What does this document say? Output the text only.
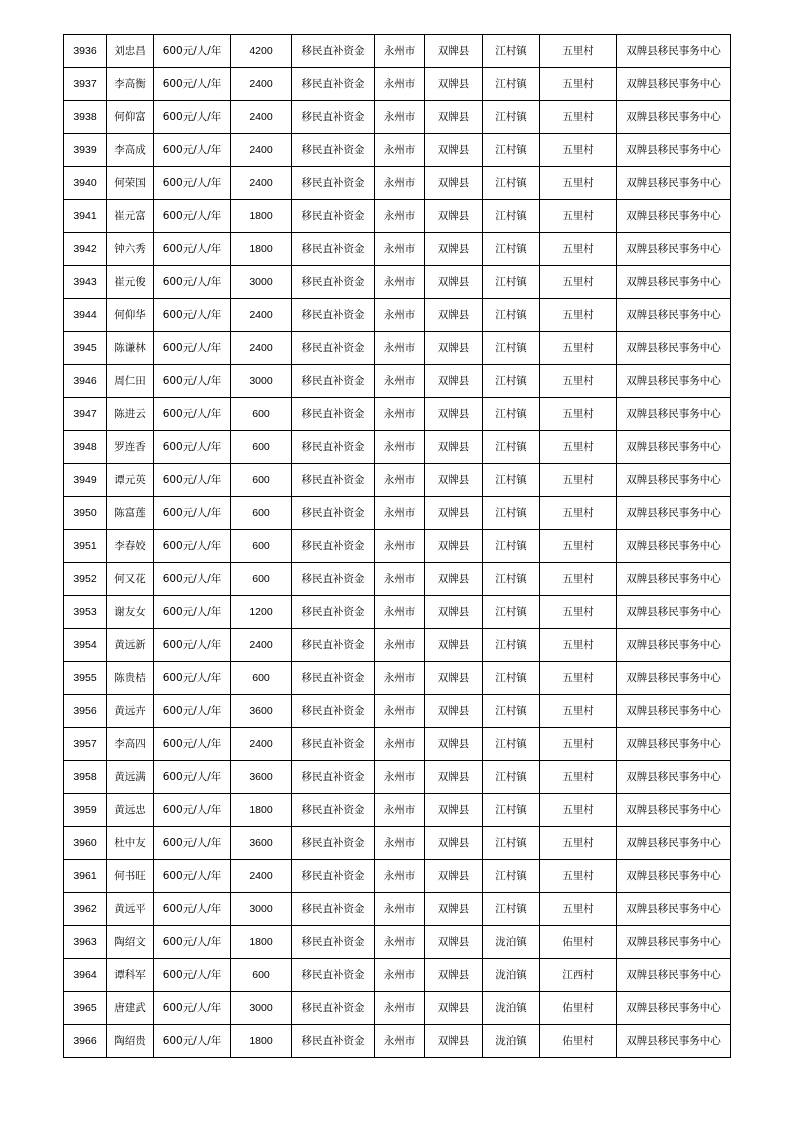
3936	刘忠昌	600元/人/年	4200	移民直补资金	永州市	双牌县	江村镇	五里村	双牌县移民事务中心
3937	李高衡	600元/人/年	2400	移民直补资金	永州市	双牌县	江村镇	五里村	双牌县移民事务中心
3938	何仰富	600元/人/年	2400	移民直补资金	永州市	双牌县	江村镇	五里村	双牌县移民事务中心
3939	李高成	600元/人/年	2400	移民直补资金	永州市	双牌县	江村镇	五里村	双牌县移民事务中心
3940	何荣国	600元/人/年	2400	移民直补资金	永州市	双牌县	江村镇	五里村	双牌县移民事务中心
3941	崔元富	600元/人/年	1800	移民直补资金	永州市	双牌县	江村镇	五里村	双牌县移民事务中心
3942	钟六秀	600元/人/年	1800	移民直补资金	永州市	双牌县	江村镇	五里村	双牌县移民事务中心
3943	崔元俊	600元/人/年	3000	移民直补资金	永州市	双牌县	江村镇	五里村	双牌县移民事务中心
3944	何仰华	600元/人/年	2400	移民直补资金	永州市	双牌县	江村镇	五里村	双牌县移民事务中心
3945	陈谦林	600元/人/年	2400	移民直补资金	永州市	双牌县	江村镇	五里村	双牌县移民事务中心
3946	周仁田	600元/人/年	3000	移民直补资金	永州市	双牌县	江村镇	五里村	双牌县移民事务中心
3947	陈进云	600元/人/年	600	移民直补资金	永州市	双牌县	江村镇	五里村	双牌县移民事务中心
3948	罗连香	600元/人/年	600	移民直补资金	永州市	双牌县	江村镇	五里村	双牌县移民事务中心
3949	谭元英	600元/人/年	600	移民直补资金	永州市	双牌县	江村镇	五里村	双牌县移民事务中心
3950	陈富莲	600元/人/年	600	移民直补资金	永州市	双牌县	江村镇	五里村	双牌县移民事务中心
3951	李春姣	600元/人/年	600	移民直补资金	永州市	双牌县	江村镇	五里村	双牌县移民事务中心
3952	何又花	600元/人/年	600	移民直补资金	永州市	双牌县	江村镇	五里村	双牌县移民事务中心
3953	谢友女	600元/人/年	1200	移民直补资金	永州市	双牌县	江村镇	五里村	双牌县移民事务中心
3954	黄远新	600元/人/年	2400	移民直补资金	永州市	双牌县	江村镇	五里村	双牌县移民事务中心
3955	陈贵桔	600元/人/年	600	移民直补资金	永州市	双牌县	江村镇	五里村	双牌县移民事务中心
3956	黄远卉	600元/人/年	3600	移民直补资金	永州市	双牌县	江村镇	五里村	双牌县移民事务中心
3957	李高四	600元/人/年	2400	移民直补资金	永州市	双牌县	江村镇	五里村	双牌县移民事务中心
3958	黄远满	600元/人/年	3600	移民直补资金	永州市	双牌县	江村镇	五里村	双牌县移民事务中心
3959	黄远忠	600元/人/年	1800	移民直补资金	永州市	双牌县	江村镇	五里村	双牌县移民事务中心
3960	杜中友	600元/人/年	3600	移民直补资金	永州市	双牌县	江村镇	五里村	双牌县移民事务中心
3961	何书旺	600元/人/年	2400	移民直补资金	永州市	双牌县	江村镇	五里村	双牌县移民事务中心
3962	黄远平	600元/人/年	3000	移民直补资金	永州市	双牌县	江村镇	五里村	双牌县移民事务中心
3963	陶绍文	600元/人/年	1800	移民直补资金	永州市	双牌县	泷泊镇	佑里村	双牌县移民事务中心
3964	谭科军	600元/人/年	600	移民直补资金	永州市	双牌县	泷泊镇	江西村	双牌县移民事务中心
3965	唐建武	600元/人/年	3000	移民直补资金	永州市	双牌县	泷泊镇	佑里村	双牌县移民事务中心
3966	陶绍贵	600元/人/年	1800	移民直补资金	永州市	双牌县	泷泊镇	佑里村	双牌县移民事务中心
